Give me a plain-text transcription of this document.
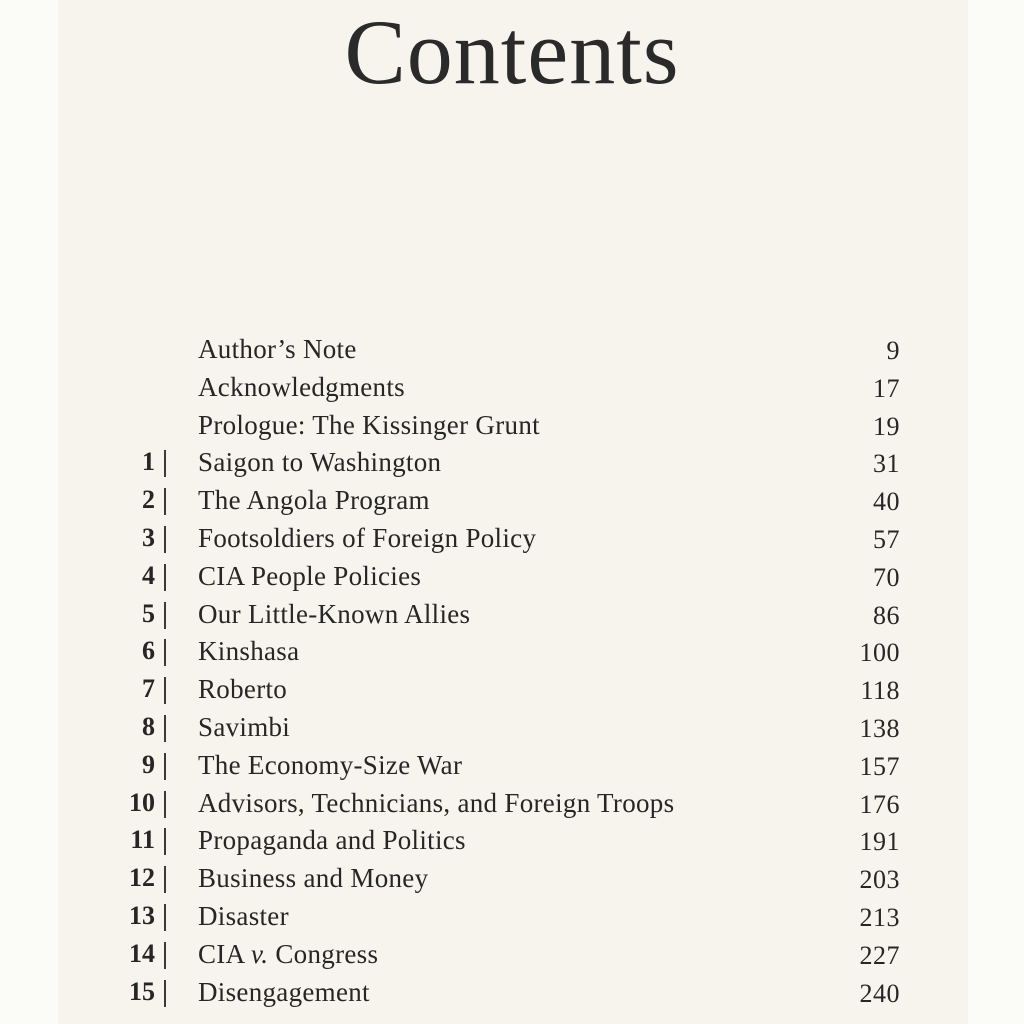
Contents
Author’s Note	9
Acknowledgments	17
Prologue: The Kissinger Grunt	19
1 Saigon to Washington	31
2 The Angola Program	40
3 Footsoldiers of Foreign Policy	57
4 CIA People Policies	70
5 Our Little-Known Allies	86
6 Kinshasa	100
7 Roberto	118
8 Savimbi	138
9 The Economy-Size War	157
10 Advisors, Technicians, and Foreign Troops	176
11 Propaganda and Politics	191
12 Business and Money	203
13 Disaster	213
14 CIA v. Congress	227
15 Disengagement	240
